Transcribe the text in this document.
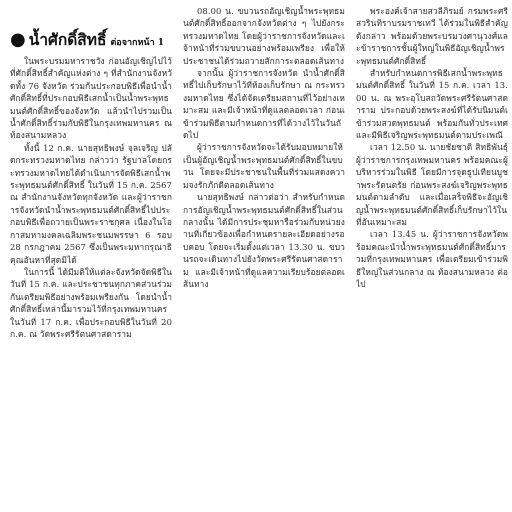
● น้ำศักดิ์สิทธิ์ ต่อจากหน้า 1

ในพระบรมมหาราชวัง ก่อนอัญเชิญไปไว้ที่ศักดิ์สิทธิ์สำคัญแห่งต่าง ๆ ที่สำนักงานจังหวัดทั้ง 76 จังหวัด ร่วมกันประกอบพิธีเพื่อนำน้ำศักดิ์สิทธิ์ที่ประกอบพิธีเสกน้ำเป็นน้ำพระพุทธมนต์ศักดิ์สิทธิ์ของจังหวัด แล้วนำไปรวมเป็นน้ำศักดิ์สิทธิ์ร่วมกับพิธีในกรุงเทพมหานคร ณ ท้องสนามหลวง

ทั้งนี้ 12 ก.ค. นายสุทธิพงษ์ จุลเจริญ ปลัดกระทรวงมหาดไทย กล่าวว่า รัฐบาลโดยกระทรวงมหาดไทยได้ดำเนินการจัดพิธีเสกน้ำพระพุทธมนต์ศักดิ์สิทธิ์ ในวันที่ 15 ก.ค. 2567 ณ สำนักงานจังหวัดทุกจังหวัด และผู้ว่าราชการจังหวัดนำน้ำพระพุทธมนต์ศักดิ์สิทธิ์ไปประกอบพิธีเพื่อถวายเป็นพระราชกุศล เนื่องในโอกาสมหามงคลเฉลิมพระชนมพรรษา 6 รอบ 28 กรกฎาคม 2567 ซึ่งเป็นพระมหากรุณาธิคุณอันหาที่สุดมิได้

ในการนี้ ได้มีมติให้แต่ละจังหวัดจัดพิธีในวันที่ 15 ก.ค. และประชาชนทุกภาคส่วนร่วมกันเตรียมพิธีอย่างพร้อมเพรียงกัน โดยนำน้ำศักดิ์สิทธิ์เหล่านี้มารวมไว้ที่กรุงเทพมหานคร ในวันที่ 17 ก.ค. เพื่อประกอบพิธีในวันที่ 20 ก.ค. ณ วัดพระศรีรัตนศาสดาราม

08.00 น. ขบวนรถอัญเชิญน้ำพระพุทธมนต์ศักดิ์สิทธิ์ออกจากจังหวัดต่าง ๆ ไปยังกระทรวงมหาดไทย โดยผู้ว่าราชการจังหวัดและเจ้าหน้าที่ร่วมขบวนอย่างพร้อมเพรียง เพื่อให้ประชาชนได้ร่วมถวายสักการะตลอดเส้นทาง

จากนั้น ผู้ว่าราชการจังหวัด นำน้ำศักดิ์สิทธิ์ไปเก็บรักษาไว้ที่ห้องเก็บรักษา ณ กระทรวงมหาดไทย ซึ่งได้จัดเตรียมสถานที่ไว้อย่างเหมาะสม และมีเจ้าหน้าที่ดูแลตลอดเวลา ก่อนเข้าร่วมพิธีตามกำหนดการที่ได้วางไว้ในวันถัดไป

ผู้ว่าราชการจังหวัดจะได้รับมอบหมายให้เป็นผู้อัญเชิญน้ำพระพุทธมนต์ศักดิ์สิทธิ์ในขบวน โดยจะมีประชาชนในพื้นที่ร่วมแสดงความจงรักภักดีตลอดเส้นทาง

นายสุทธิพงษ์ กล่าวต่อว่า สำหรับกำหนดการอัญเชิญน้ำพระพุทธมนต์ศักดิ์สิทธิ์ในส่วนกลางนั้น ได้มีการประชุมหารือร่วมกับหน่วยงานที่เกี่ยวข้องเพื่อกำหนดรายละเอียดอย่างรอบคอบ โดยจะเริ่มตั้งแต่เวลา 13.30 น. ขบวนรถจะเดินทางไปยังวัดพระศรีรัตนศาสดาราม และมีเจ้าหน้าที่ดูแลความเรียบร้อยตลอดเส้นทาง

พระองค์เจ้าสายสวลีภิรมย์ กรมพระศรีสวรินทิราบรมราชเทวี ได้ร่วมในพิธีสำคัญดังกล่าว พร้อมด้วยพระบรมวงศานุวงศ์และข้าราชการชั้นผู้ใหญ่ในพิธีอัญเชิญน้ำพระพุทธมนต์ศักดิ์สิทธิ์

สำหรับกำหนดการพิธีเสกน้ำพระพุทธมนต์ศักดิ์สิทธิ์ ในวันที่ 15 ก.ค. เวลา 13.00 น. ณ พระอุโบสถวัดพระศรีรัตนศาสดาราม ประกอบด้วยพระสงฆ์ที่ได้รับนิมนต์เข้าร่วมสวดพุทธมนต์ พร้อมกันทั่วประเทศ และมีพิธีเจริญพระพุทธมนต์ตามประเพณี

เวลา 12.50 น. นายชัยชาติ สิทธิพันธุ์ ผู้ว่าราชการกรุงเทพมหานคร พร้อมคณะผู้บริหารร่วมในพิธี โดยมีการจุดธูปเทียนบูชาพระรัตนตรัย ก่อนพระสงฆ์เจริญพระพุทธมนต์ตามลำดับ และเมื่อเสร็จพิธีจะอัญเชิญน้ำพระพุทธมนต์ศักดิ์สิทธิ์เก็บรักษาไว้ในที่อันเหมาะสม

เวลา 13.45 น. ผู้ว่าราชการจังหวัดพร้อมคณะนำน้ำพระพุทธมนต์ศักดิ์สิทธิ์มารวมที่กรุงเทพมหานคร เพื่อเตรียมเข้าร่วมพิธีใหญ่ในส่วนกลาง ณ ท้องสนามหลวง ต่อไป
